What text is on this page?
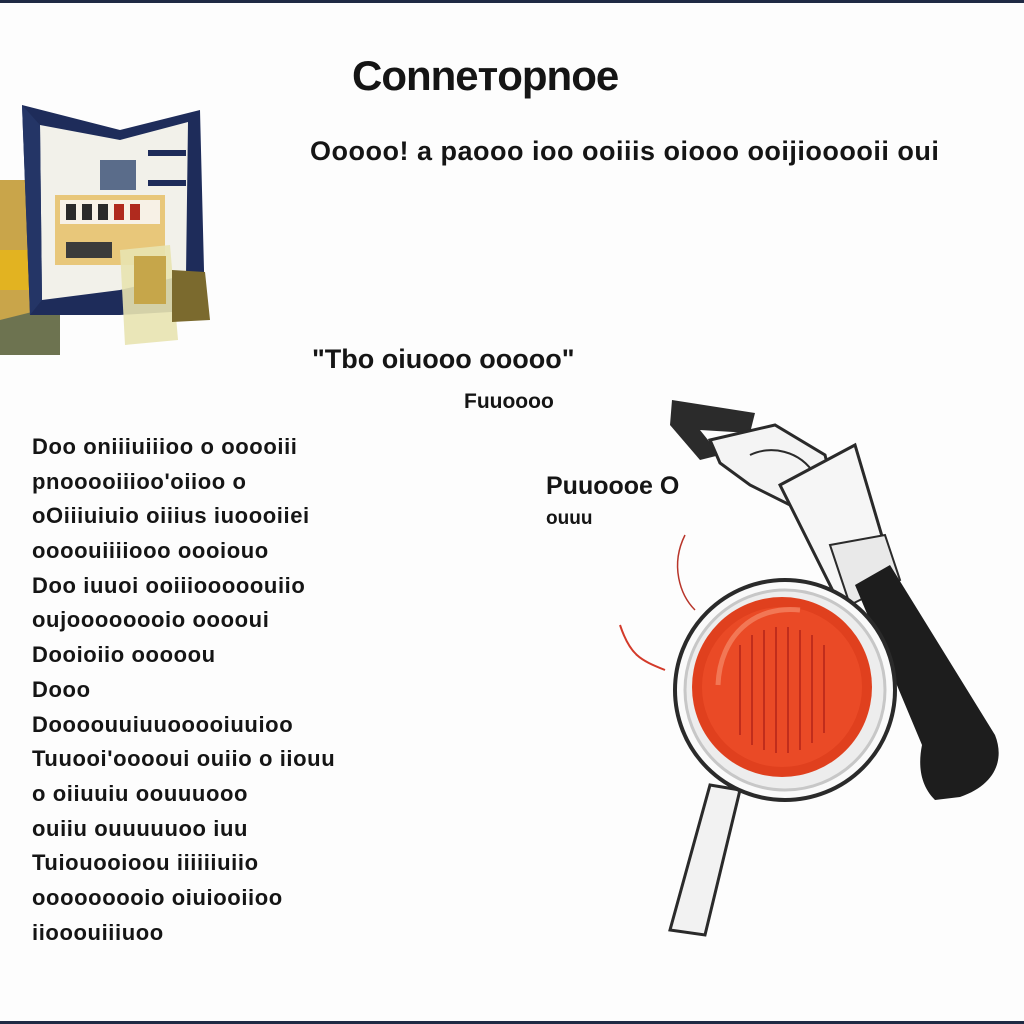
Conneтopnoe
Ooooo! a paooo ioo ooiiis oiooo ooijiooooii oui
"Tbo oiuooo ooooo"
Fuuoooo
Puuoooе O
ouuu
Doo oniiiuiiioo o ooooiii
pnooooiiioo'oiioo o
oOiiiuiuio oiiius iuoooiiei
oooouiiiiooo oooiouo
Doo iuuoi ooiiiooooouiio
oujoooooooio ooooui
Dooioiio ooooou
Dooo
Doooouuiuuooooiuuioo
Tuuooi'ooooui ouiio o iiouu
o oiiuuiu oouuuooo
ouiiu ouuuuuoo iuu
Tuiouooioou iiiiiiuiio
ooooooooio oiuiooiioo
iiooouiiiuoo
